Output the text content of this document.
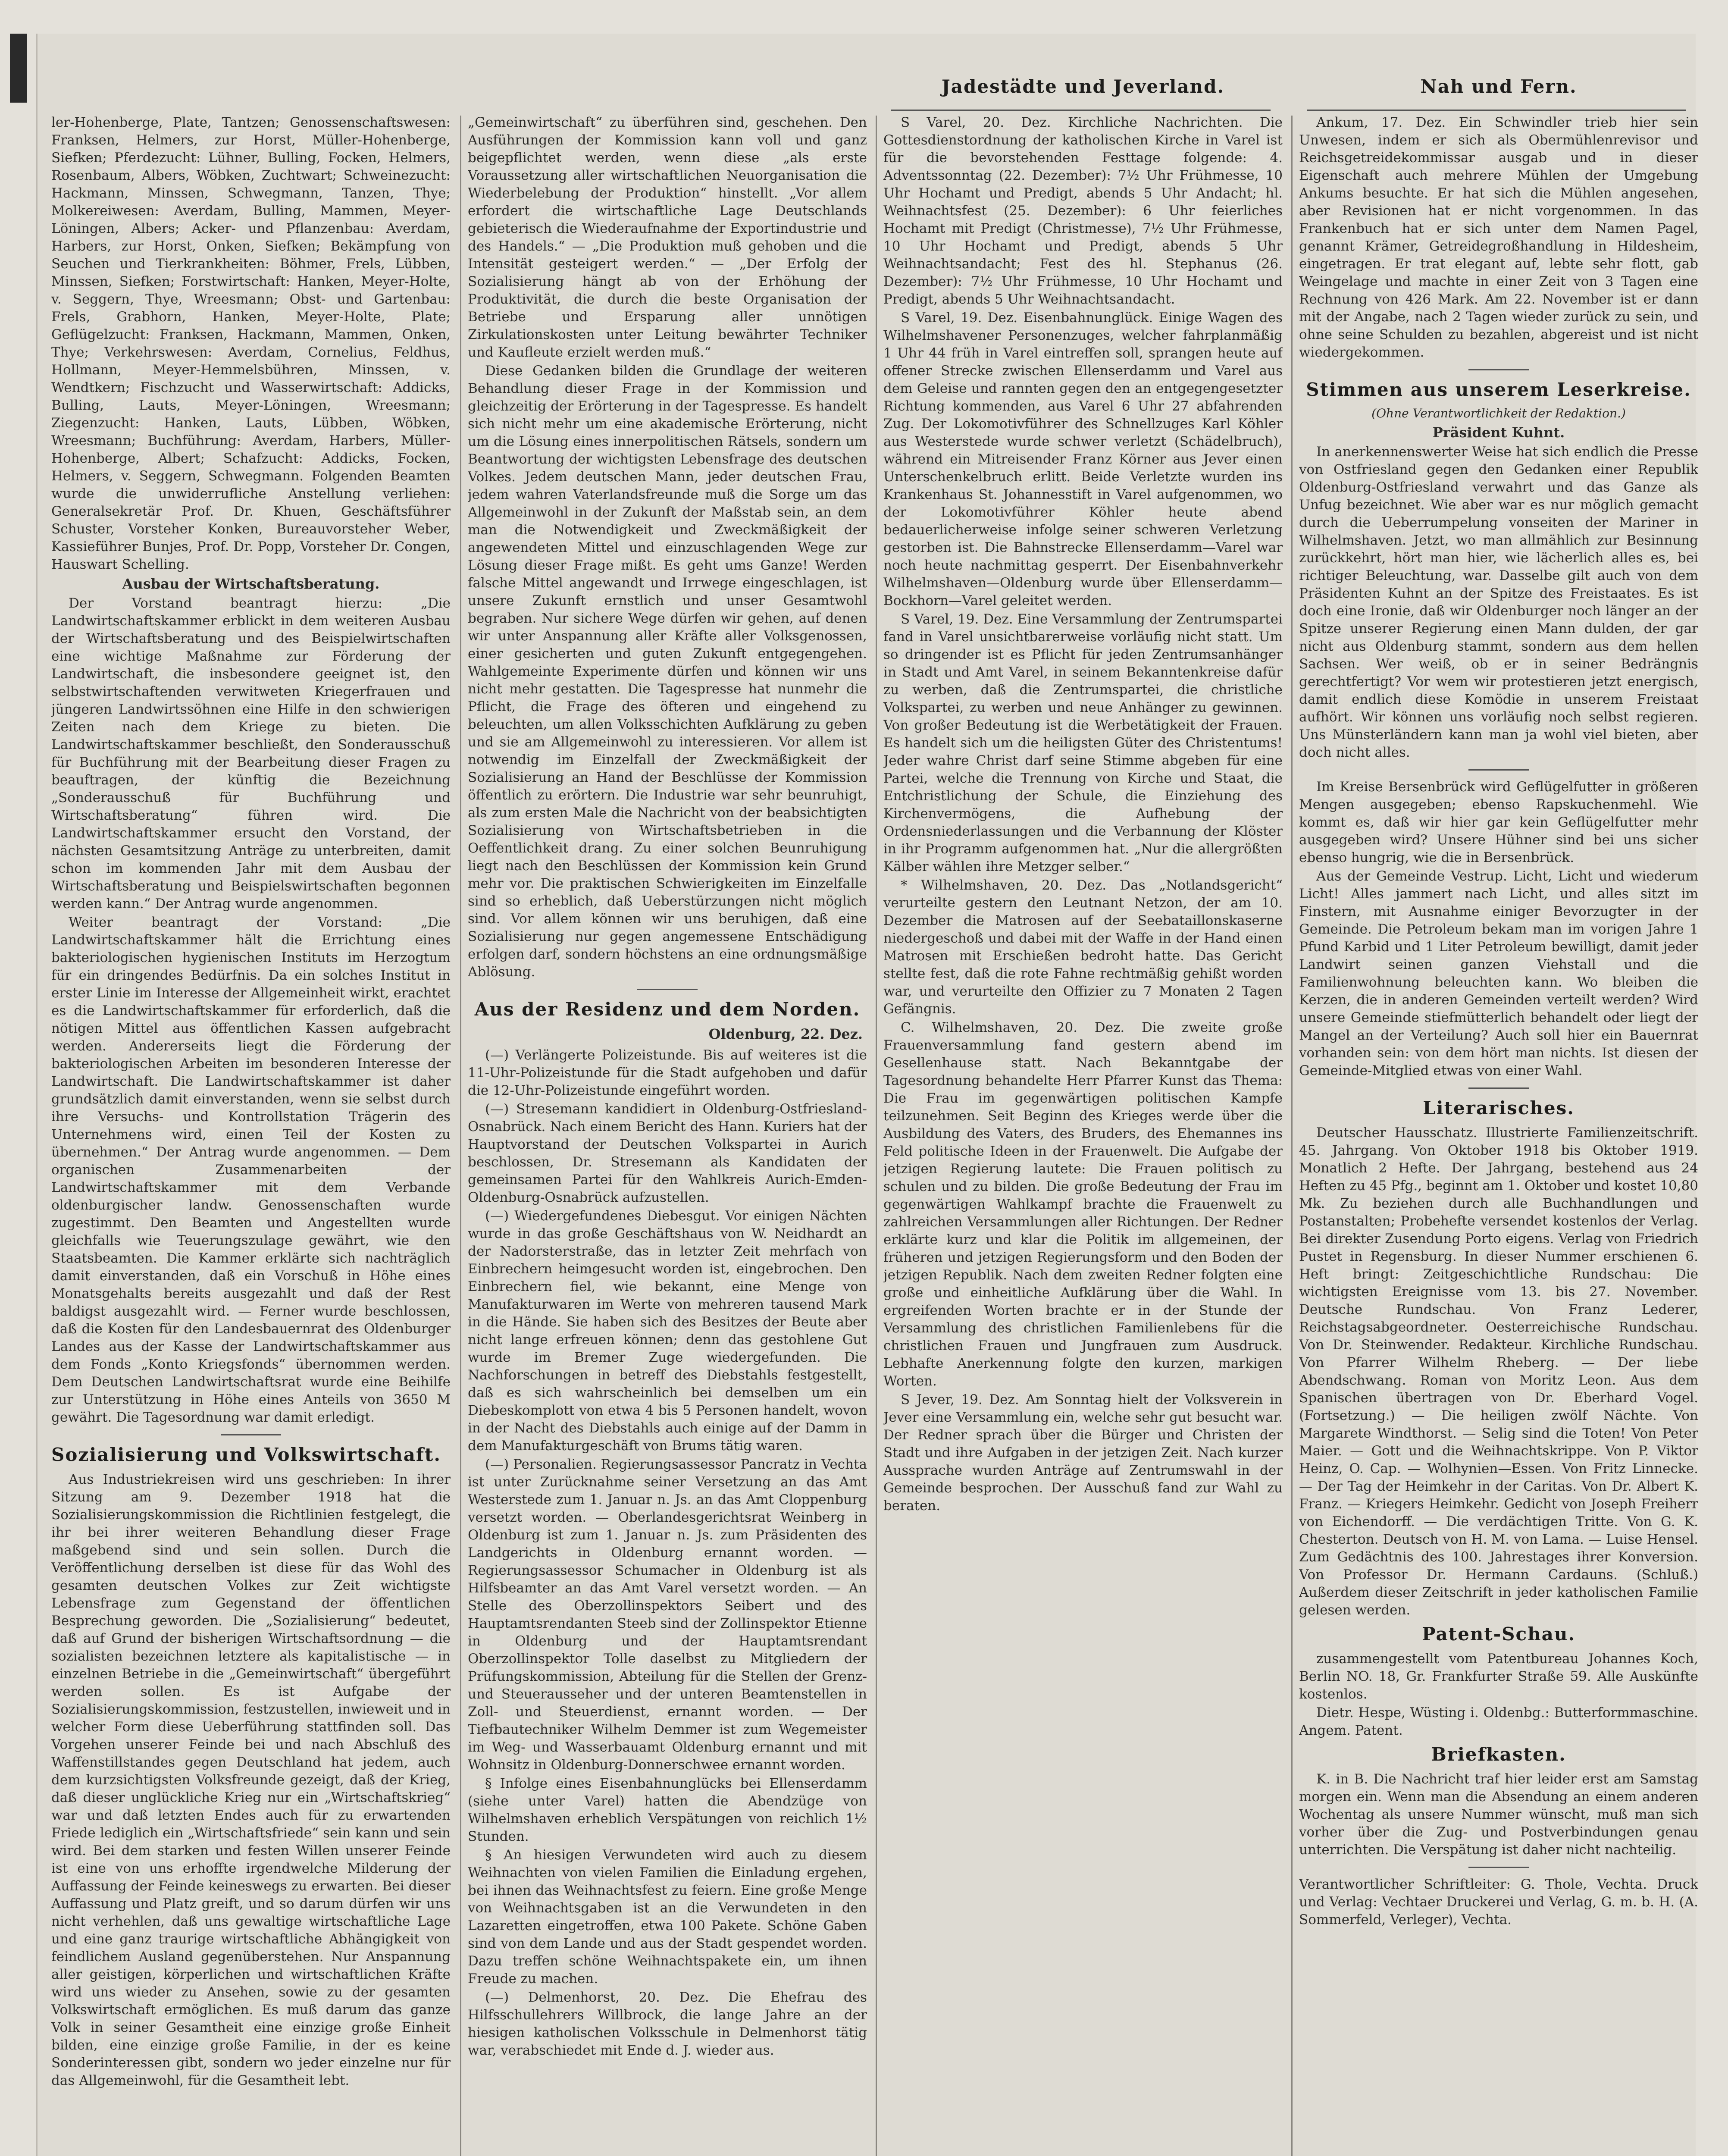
Jadestädte und Jeverland.	Nah und Fern.

ler-Hohenberge, Plate, Tantzen; Genossenschaftswesen: Franksen, Helmers, zur Horst, Müller-Hohenberge, Siefken; Pferdezucht: Lühner, Bulling, Focken, Helmers, Rosenbaum, Albers, Wöbken, Zuchtwart; Schweinezucht: Hackmann, Minssen, Schwegmann, Tanzen, Thye; Molkereiwesen: Averdam, Bulling, Mammen, Meyer-Löningen, Albers; Acker- und Pflanzenbau: Averdam, Harbers, zur Horst, Onken, Siefken; Bekämpfung von Seuchen und Tierkrankheiten: Böhmer, Frels, Lübben, Minssen, Siefken; Forstwirtschaft: Hanken, Meyer-Holte, v. Seggern, Thye, Wreesmann; Obst- und Gartenbau: Frels, Grabhorn, Hanken, Meyer-Holte, Plate; Geflügelzucht: Franksen, Hackmann, Mammen, Onken, Thye; Verkehrswesen: Averdam, Cornelius, Feldhus, Hollmann, Meyer-Hemmelsbühren, Minssen, v. Wendtkern; Fischzucht und Wasserwirtschaft: Addicks, Bulling, Lauts, Meyer-Löningen, Wreesmann; Ziegenzucht: Hanken, Lauts, Lübben, Wöbken, Wreesmann; Buchführung: Averdam, Harbers, Müller-Hohenberge, Albert; Schafzucht: Addicks, Focken, Helmers, v. Seggern, Schwegmann. Folgenden Beamten wurde die unwiderrufliche Anstellung verliehen: Generalsekretär Prof. Dr. Khuen, Geschäftsführer Schuster, Vorsteher Konken, Bureauvorsteher Weber, Kassieführer Bunjes, Prof. Dr. Popp, Vorsteher Dr. Congen, Hauswart Schelling.

Ausbau der Wirtschaftsberatung.

Der Vorstand beantragt hierzu: „Die Landwirtschaftskammer erblickt in dem weiteren Ausbau der Wirtschaftsberatung und des Beispielwirtschaften eine wichtige Maßnahme zur Förderung der Landwirtschaft, die insbesondere geeignet ist, den selbstwirtschaftenden verwitweten Kriegerfrauen und jüngeren Landwirtssöhnen eine Hilfe in den schwierigen Zeiten nach dem Kriege zu bieten. Die Landwirtschaftskammer beschließt, den Sonderausschuß für Buchführung mit der Bearbeitung dieser Fragen zu beauftragen, der künftig die Bezeichnung „Sonderausschuß für Buchführung und Wirtschaftsberatung“ führen wird. Die Landwirtschaftskammer ersucht den Vorstand, der nächsten Gesamtsitzung Anträge zu unterbreiten, damit schon im kommenden Jahr mit dem Ausbau der Wirtschaftsberatung und Beispielswirtschaften begonnen werden kann.“ Der Antrag wurde angenommen.

Weiter beantragt der Vorstand: „Die Landwirtschaftskammer hält die Errichtung eines bakteriologischen hygienischen Instituts im Herzogtum für ein dringendes Bedürfnis. Da ein solches Institut in erster Linie im Interesse der Allgemeinheit wirkt, erachtet es die Landwirtschaftskammer für erforderlich, daß die nötigen Mittel aus öffentlichen Kassen aufgebracht werden. Andererseits liegt die Förderung der bakteriologischen Arbeiten im besonderen Interesse der Landwirtschaft. Die Landwirtschaftskammer ist daher grundsätzlich damit einverstanden, wenn sie selbst durch ihre Versuchs- und Kontrollstation Trägerin des Unternehmens wird, einen Teil der Kosten zu übernehmen.“ Der Antrag wurde angenommen. — Dem organischen Zusammenarbeiten der Landwirtschaftskammer mit dem Verbande oldenburgischer landw. Genossenschaften wurde zugestimmt. Den Beamten und Angestellten wurde gleichfalls wie Teuerungszulage gewährt, wie den Staatsbeamten. Die Kammer erklärte sich nachträglich damit einverstanden, daß ein Vorschuß in Höhe eines Monatsgehalts bereits ausgezahlt und daß der Rest baldigst ausgezahlt wird. — Ferner wurde beschlossen, daß die Kosten für den Landesbauernrat des Oldenburger Landes aus der Kasse der Landwirtschaftskammer aus dem Fonds „Konto Kriegsfonds“ übernommen werden. Dem Deutschen Landwirtschaftsrat wurde eine Beihilfe zur Unterstützung in Höhe eines Anteils von 3650 M gewährt. Die Tagesordnung war damit erledigt.

Sozialisierung und Volkswirtschaft.

Aus Industriekreisen wird uns geschrieben: In ihrer Sitzung am 9. Dezember 1918 hat die Sozialisierungskommission die Richtlinien festgelegt, die ihr bei ihrer weiteren Behandlung dieser Frage maßgebend sind und sein sollen. Durch die Veröffentlichung derselben ist diese für das Wohl des gesamten deutschen Volkes zur Zeit wichtigste Lebensfrage zum Gegenstand der öffentlichen Besprechung geworden. Die „Sozialisierung“ bedeutet, daß auf Grund der bisherigen Wirtschaftsordnung — die sozialisten bezeichnen letztere als kapitalistische — in einzelnen Betriebe in die „Gemeinwirtschaft“ übergeführt werden sollen. Es ist Aufgabe der Sozialisierungskommission, festzustellen, inwieweit und in welcher Form diese Ueberführung stattfinden soll. Das Vorgehen unserer Feinde bei und nach Abschluß des Waffenstillstandes gegen Deutschland hat jedem, auch dem kurzsichtigsten Volksfreunde gezeigt, daß der Krieg, daß dieser unglückliche Krieg nur ein „Wirtschaftskrieg“ war und daß letzten Endes auch für zu erwartenden Friede lediglich ein „Wirtschaftsfriede“ sein kann und sein wird. Bei dem starken und festen Willen unserer Feinde ist eine von uns erhoffte irgendwelche Milderung der Auffassung der Feinde keineswegs zu erwarten. Bei dieser Auffassung und Platz greift, und so darum dürfen wir uns nicht verhehlen, daß uns gewaltige wirtschaftliche Lage und eine ganz traurige wirtschaftliche Abhängigkeit von feindlichem Ausland gegenüberstehen. Nur Anspannung aller geistigen, körperlichen und wirtschaftlichen Kräfte wird uns wieder zu Ansehen, sowie zu der gesamten Volkswirtschaft ermöglichen. Es muß darum das ganze Volk in seiner Gesamtheit eine einzige große Einheit bilden, eine einzige große Familie, in der es keine Sonderinteressen gibt, sondern wo jeder einzelne nur für das Allgemeinwohl, für die Gesamtheit lebt.

„Gemeinwirtschaft“ zu überführen sind, geschehen. Den Ausführungen der Kommission kann voll und ganz beigepflichtet werden, wenn diese „als erste Voraussetzung aller wirtschaftlichen Neuorganisation die Wiederbelebung der Produktion“ hinstellt. „Vor allem erfordert die wirtschaftliche Lage Deutschlands gebieterisch die Wiederaufnahme der Exportindustrie und des Handels.“ — „Die Produktion muß gehoben und die Intensität gesteigert werden.“ — „Der Erfolg der Sozialisierung hängt ab von der Erhöhung der Produktivität, die durch die beste Organisation der Betriebe und Ersparung aller unnötigen Zirkulationskosten unter Leitung bewährter Techniker und Kaufleute erzielt werden muß.“

Diese Gedanken bilden die Grundlage der weiteren Behandlung dieser Frage in der Kommission und gleichzeitig der Erörterung in der Tagespresse. Es handelt sich nicht mehr um eine akademische Erörterung, nicht um die Lösung eines innerpolitischen Rätsels, sondern um Beantwortung der wichtigsten Lebensfrage des deutschen Volkes. Jedem deutschen Mann, jeder deutschen Frau, jedem wahren Vaterlandsfreunde muß die Sorge um das Allgemeinwohl in der Zukunft der Maßstab sein, an dem man die Notwendigkeit und Zweckmäßigkeit der angewendeten Mittel und einzuschlagenden Wege zur Lösung dieser Frage mißt. Es geht ums Ganze! Werden falsche Mittel angewandt und Irrwege eingeschlagen, ist unsere Zukunft ernstlich und unser Gesamtwohl begraben. Nur sichere Wege dürfen wir gehen, auf denen wir unter Anspannung aller Kräfte aller Volksgenossen, einer gesicherten und guten Zukunft entgegengehen. Wahlgemeinte Experimente dürfen und können wir uns nicht mehr gestatten. Die Tagespresse hat nunmehr die Pflicht, die Frage des öfteren und eingehend zu beleuchten, um allen Volksschichten Aufklärung zu geben und sie am Allgemeinwohl zu interessieren. Vor allem ist notwendig im Einzelfall der Zweckmäßigkeit der Sozialisierung an Hand der Beschlüsse der Kommission öffentlich zu erörtern. Die Industrie war sehr beunruhigt, als zum ersten Male die Nachricht von der beabsichtigten Sozialisierung von Wirtschaftsbetrieben in die Oeffentlichkeit drang. Zu einer solchen Beunruhigung liegt nach den Beschlüssen der Kommission kein Grund mehr vor. Die praktischen Schwierigkeiten im Einzelfalle sind so erheblich, daß Ueberstürzungen nicht möglich sind. Vor allem können wir uns beruhigen, daß eine Sozialisierung nur gegen angemessene Entschädigung erfolgen darf, sondern höchstens an eine ordnungsmäßige Ablösung.

Aus der Residenz und dem Norden.
Oldenburg, 22. Dez.

(—) Verlängerte Polizeistunde. Bis auf weiteres ist die 11-Uhr-Polizeistunde für die Stadt aufgehoben und dafür die 12-Uhr-Polizeistunde eingeführt worden.

(—) Stresemann kandidiert in Oldenburg-Ostfriesland-Osnabrück. Nach einem Bericht des Hann. Kuriers hat der Hauptvorstand der Deutschen Volkspartei in Aurich beschlossen, Dr. Stresemann als Kandidaten der gemeinsamen Partei für den Wahlkreis Aurich-Emden-Oldenburg-Osnabrück aufzustellen.

(—) Wiedergefundenes Diebesgut. Vor einigen Nächten wurde in das große Geschäftshaus von W. Neidhardt an der Nadorsterstraße, das in letzter Zeit mehrfach von Einbrechern heimgesucht worden ist, eingebrochen. Den Einbrechern fiel, wie bekannt, eine Menge von Manufakturwaren im Werte von mehreren tausend Mark in die Hände. Sie haben sich des Besitzes der Beute aber nicht lange erfreuen können; denn das gestohlene Gut wurde im Bremer Zuge wiedergefunden. Die Nachforschungen in betreff des Diebstahls festgestellt, daß es sich wahrscheinlich bei demselben um ein Diebeskomplott von etwa 4 bis 5 Personen handelt, wovon in der Nacht des Diebstahls auch einige auf der Damm in dem Manufakturgeschäft von Brums tätig waren.

(—) Personalien. Regierungsassessor Pancratz in Vechta ist unter Zurücknahme seiner Versetzung an das Amt Westerstede zum 1. Januar n. Js. an das Amt Cloppenburg versetzt worden. — Oberlandesgerichtsrat Weinberg in Oldenburg ist zum 1. Januar n. Js. zum Präsidenten des Landgerichts in Oldenburg ernannt worden. — Regierungsassessor Schumacher in Oldenburg ist als Hilfsbeamter an das Amt Varel versetzt worden. — An Stelle des Oberzollinspektors Seibert und des Hauptamtsrendanten Steeb sind der Zollinspektor Etienne in Oldenburg und der Hauptamtsrendant Oberzollinspektor Tolle daselbst zu Mitgliedern der Prüfungskommission, Abteilung für die Stellen der Grenz- und Steuerausseher und der unteren Beamtenstellen in Zoll- und Steuerdienst, ernannt worden. — Der Tiefbautechniker Wilhelm Demmer ist zum Wegemeister im Weg- und Wasserbauamt Oldenburg ernannt und mit Wohnsitz in Oldenburg-Donnerschwee ernannt worden.

§ Infolge eines Eisenbahnunglücks bei Ellenserdamm (siehe unter Varel) hatten die Abendzüge von Wilhelmshaven erheblich Verspätungen von reichlich 1½ Stunden.

§ An hiesigen Verwundeten wird auch zu diesem Weihnachten von vielen Familien die Einladung ergehen, bei ihnen das Weihnachtsfest zu feiern. Eine große Menge von Weihnachtsgaben ist an die Verwundeten in den Lazaretten eingetroffen, etwa 100 Pakete. Schöne Gaben sind von dem Lande und aus der Stadt gespendet worden. Dazu treffen schöne Weihnachtspakete ein, um ihnen Freude zu machen.

(—) Delmenhorst, 20. Dez. Die Ehefrau des Hilfsschullehrers Willbrock, die lange Jahre an der hiesigen katholischen Volksschule in Delmenhorst tätig war, verabschiedet mit Ende d. J. wieder aus.

S Varel, 20. Dez. Kirchliche Nachrichten. Die Gottesdienstordnung der katholischen Kirche in Varel ist für die bevorstehenden Festtage folgende: 4. Adventssonntag (22. Dezember): 7½ Uhr Frühmesse, 10 Uhr Hochamt und Predigt, abends 5 Uhr Andacht; hl. Weihnachtsfest (25. Dezember): 6 Uhr feierliches Hochamt mit Predigt (Christmesse), 7½ Uhr Frühmesse, 10 Uhr Hochamt und Predigt, abends 5 Uhr Weihnachtsandacht; Fest des hl. Stephanus (26. Dezember): 7½ Uhr Frühmesse, 10 Uhr Hochamt und Predigt, abends 5 Uhr Weihnachtsandacht.

S Varel, 19. Dez. Eisenbahnunglück. Einige Wagen des Wilhelmshavener Personenzuges, welcher fahrplanmäßig 1 Uhr 44 früh in Varel eintreffen soll, sprangen heute auf offener Strecke zwischen Ellenserdamm und Varel aus dem Geleise und rannten gegen den an entgegengesetzter Richtung kommenden, aus Varel 6 Uhr 27 abfahrenden Zug. Der Lokomotivführer des Schnellzuges Karl Köhler aus Westerstede wurde schwer verletzt (Schädelbruch), während ein Mitreisender Franz Körner aus Jever einen Unterschenkelbruch erlitt. Beide Verletzte wurden ins Krankenhaus St. Johannesstift in Varel aufgenommen, wo der Lokomotivführer Köhler heute abend bedauerlicherweise infolge seiner schweren Verletzung gestorben ist. Die Bahnstrecke Ellenserdamm—Varel war noch heute nachmittag gesperrt. Der Eisenbahnverkehr Wilhelmshaven—Oldenburg wurde über Ellenserdamm—Bockhorn—Varel geleitet werden.

S Varel, 19. Dez. Eine Versammlung der Zentrumspartei fand in Varel unsichtbarerweise vorläufig nicht statt. Um so dringender ist es Pflicht für jeden Zentrumsanhänger in Stadt und Amt Varel, in seinem Bekanntenkreise dafür zu werben, daß die Zentrumspartei, die christliche Volkspartei, zu werben und neue Anhänger zu gewinnen. Von großer Bedeutung ist die Werbetätigkeit der Frauen. Es handelt sich um die heiligsten Güter des Christentums! Jeder wahre Christ darf seine Stimme abgeben für eine Partei, welche die Trennung von Kirche und Staat, die Entchristlichung der Schule, die Einziehung des Kirchenvermögens, die Aufhebung der Ordensniederlassungen und die Verbannung der Klöster in ihr Programm aufgenommen hat. „Nur die allergrößten Kälber wählen ihre Metzger selber.“

* Wilhelmshaven, 20. Dez. Das „Notlandsgericht“ verurteilte gestern den Leutnant Netzon, der am 10. Dezember die Matrosen auf der Seebataillonskaserne niedergeschoß und dabei mit der Waffe in der Hand einen Matrosen mit Erschießen bedroht hatte. Das Gericht stellte fest, daß die rote Fahne rechtmäßig gehißt worden war, und verurteilte den Offizier zu 7 Monaten 2 Tagen Gefängnis.

C. Wilhelmshaven, 20. Dez. Die zweite große Frauenversammlung fand gestern abend im Gesellenhause statt. Nach Bekanntgabe der Tagesordnung behandelte Herr Pfarrer Kunst das Thema: Die Frau im gegenwärtigen politischen Kampfe teilzunehmen. Seit Beginn des Krieges werde über die Ausbildung des Vaters, des Bruders, des Ehemannes ins Feld politische Ideen in der Frauenwelt. Die Aufgabe der jetzigen Regierung lautete: Die Frauen politisch zu schulen und zu bilden. Die große Bedeutung der Frau im gegenwärtigen Wahlkampf brachte die Frauenwelt zu zahlreichen Versammlungen aller Richtungen. Der Redner erklärte kurz und klar die Politik im allgemeinen, der früheren und jetzigen Regierungsform und den Boden der jetzigen Republik. Nach dem zweiten Redner folgten eine große und einheitliche Aufklärung über die Wahl. In ergreifenden Worten brachte er in der Stunde der Versammlung des christlichen Familienlebens für die christlichen Frauen und Jungfrauen zum Ausdruck. Lebhafte Anerkennung folgte den kurzen, markigen Worten.

S Jever, 19. Dez. Am Sonntag hielt der Volksverein in Jever eine Versammlung ein, welche sehr gut besucht war. Der Redner sprach über die Bürger und Christen der Stadt und ihre Aufgaben in der jetzigen Zeit. Nach kurzer Aussprache wurden Anträge auf Zentrumswahl in der Gemeinde besprochen. Der Ausschuß fand zur Wahl zu beraten.

Ankum, 17. Dez. Ein Schwindler trieb hier sein Unwesen, indem er sich als Obermühlenrevisor und Reichsgetreidekommissar ausgab und in dieser Eigenschaft auch mehrere Mühlen der Umgebung Ankums besuchte. Er hat sich die Mühlen angesehen, aber Revisionen hat er nicht vorgenommen. In das Frankenbuch hat er sich unter dem Namen Pagel, genannt Krämer, Getreidegroßhandlung in Hildesheim, eingetragen. Er trat elegant auf, lebte sehr flott, gab Weingelage und machte in einer Zeit von 3 Tagen eine Rechnung von 426 Mark. Am 22. November ist er dann mit der Angabe, nach 2 Tagen wieder zurück zu sein, und ohne seine Schulden zu bezahlen, abgereist und ist nicht wiedergekommen.

Stimmen aus unserem Leserkreise.
(Ohne Verantwortlichkeit der Redaktion.)
Präsident Kuhnt.

In anerkennenswerter Weise hat sich endlich die Presse von Ostfriesland gegen den Gedanken einer Republik Oldenburg-Ostfriesland verwahrt und das Ganze als Unfug bezeichnet. Wie aber war es nur möglich gemacht durch die Ueberrumpelung vonseiten der Mariner in Wilhelmshaven. Jetzt, wo man allmählich zur Besinnung zurückkehrt, hört man hier, wie lächerlich alles es, bei richtiger Beleuchtung, war. Dasselbe gilt auch von dem Präsidenten Kuhnt an der Spitze des Freistaates. Es ist doch eine Ironie, daß wir Oldenburger noch länger an der Spitze unserer Regierung einen Mann dulden, der gar nicht aus Oldenburg stammt, sondern aus dem hellen Sachsen. Wer weiß, ob er in seiner Bedrängnis gerechtfertigt? Vor wem wir protestieren jetzt energisch, damit endlich diese Komödie in unserem Freistaat aufhört. Wir können uns vorläufig noch selbst regieren. Uns Münsterländern kann man ja wohl viel bieten, aber doch nicht alles.

Im Kreise Bersenbrück wird Geflügelfutter in größeren Mengen ausgegeben; ebenso Rapskuchenmehl. Wie kommt es, daß wir hier gar kein Geflügelfutter mehr ausgegeben wird? Unsere Hühner sind bei uns sicher ebenso hungrig, wie die in Bersenbrück.

Aus der Gemeinde Vestrup. Licht, Licht und wiederum Licht! Alles jammert nach Licht, und alles sitzt im Finstern, mit Ausnahme einiger Bevorzugter in der Gemeinde. Die Petroleum bekam man im vorigen Jahre 1 Pfund Karbid und 1 Liter Petroleum bewilligt, damit jeder Landwirt seinen ganzen Viehstall und die Familienwohnung beleuchten kann. Wo bleiben die Kerzen, die in anderen Gemeinden verteilt werden? Wird unsere Gemeinde stiefmütterlich behandelt oder liegt der Mangel an der Verteilung? Auch soll hier ein Bauernrat vorhanden sein: von dem hört man nichts. Ist diesen der Gemeinde-Mitglied etwas von einer Wahl.

Literarisches.

Deutscher Hausschatz. Illustrierte Familienzeitschrift. 45. Jahrgang. Von Oktober 1918 bis Oktober 1919. Monatlich 2 Hefte. Der Jahrgang, bestehend aus 24 Heften zu 45 Pfg., beginnt am 1. Oktober und kostet 10,80 Mk. Zu beziehen durch alle Buchhandlungen und Postanstalten; Probehefte versendet kostenlos der Verlag. Bei direkter Zusendung Porto eigens. Verlag von Friedrich Pustet in Regensburg. In dieser Nummer erschienen 6. Heft bringt: Zeitgeschichtliche Rundschau: Die wichtigsten Ereignisse vom 13. bis 27. November. Deutsche Rundschau. Von Franz Lederer, Reichstagsabgeordneter. Oesterreichische Rundschau. Von Dr. Steinwender. Redakteur. Kirchliche Rundschau. Von Pfarrer Wilhelm Rheberg. — Der liebe Abendschwang. Roman von Moritz Leon. Aus dem Spanischen übertragen von Dr. Eberhard Vogel. (Fortsetzung.) — Die heiligen zwölf Nächte. Von Margarete Windthorst. — Selig sind die Toten! Von Peter Maier. — Gott und die Weihnachtskrippe. Von P. Viktor Heinz, O. Cap. — Wolhynien—Essen. Von Fritz Linnecke. — Der Tag der Heimkehr in der Caritas. Von Dr. Albert K. Franz. — Kriegers Heimkehr. Gedicht von Joseph Freiherr von Eichendorff. — Die verdächtigen Tritte. Von G. K. Chesterton. Deutsch von H. M. von Lama. — Luise Hensel. Zum Gedächtnis des 100. Jahrestages ihrer Konversion. Von Professor Dr. Hermann Cardauns. (Schluß.) Außerdem dieser Zeitschrift in jeder katholischen Familie gelesen werden.

Patent-Schau.

zusammengestellt vom Patentbureau Johannes Koch, Berlin NO. 18, Gr. Frankfurter Straße 59. Alle Auskünfte kostenlos.

Dietr. Hespe, Wüsting i. Oldenbg.: Butterformmaschine. Angem. Patent.

Briefkasten.

K. in B. Die Nachricht traf hier leider erst am Samstag morgen ein. Wenn man die Absendung an einem anderen Wochentag als unsere Nummer wünscht, muß man sich vorher über die Zug- und Postverbindungen genau unterrichten. Die Verspätung ist daher nicht nachteilig.

Verantwortlicher Schriftleiter: G. Thole, Vechta. Druck und Verlag: Vechtaer Druckerei und Verlag, G. m. b. H. (A. Sommerfeld, Verleger), Vechta.
